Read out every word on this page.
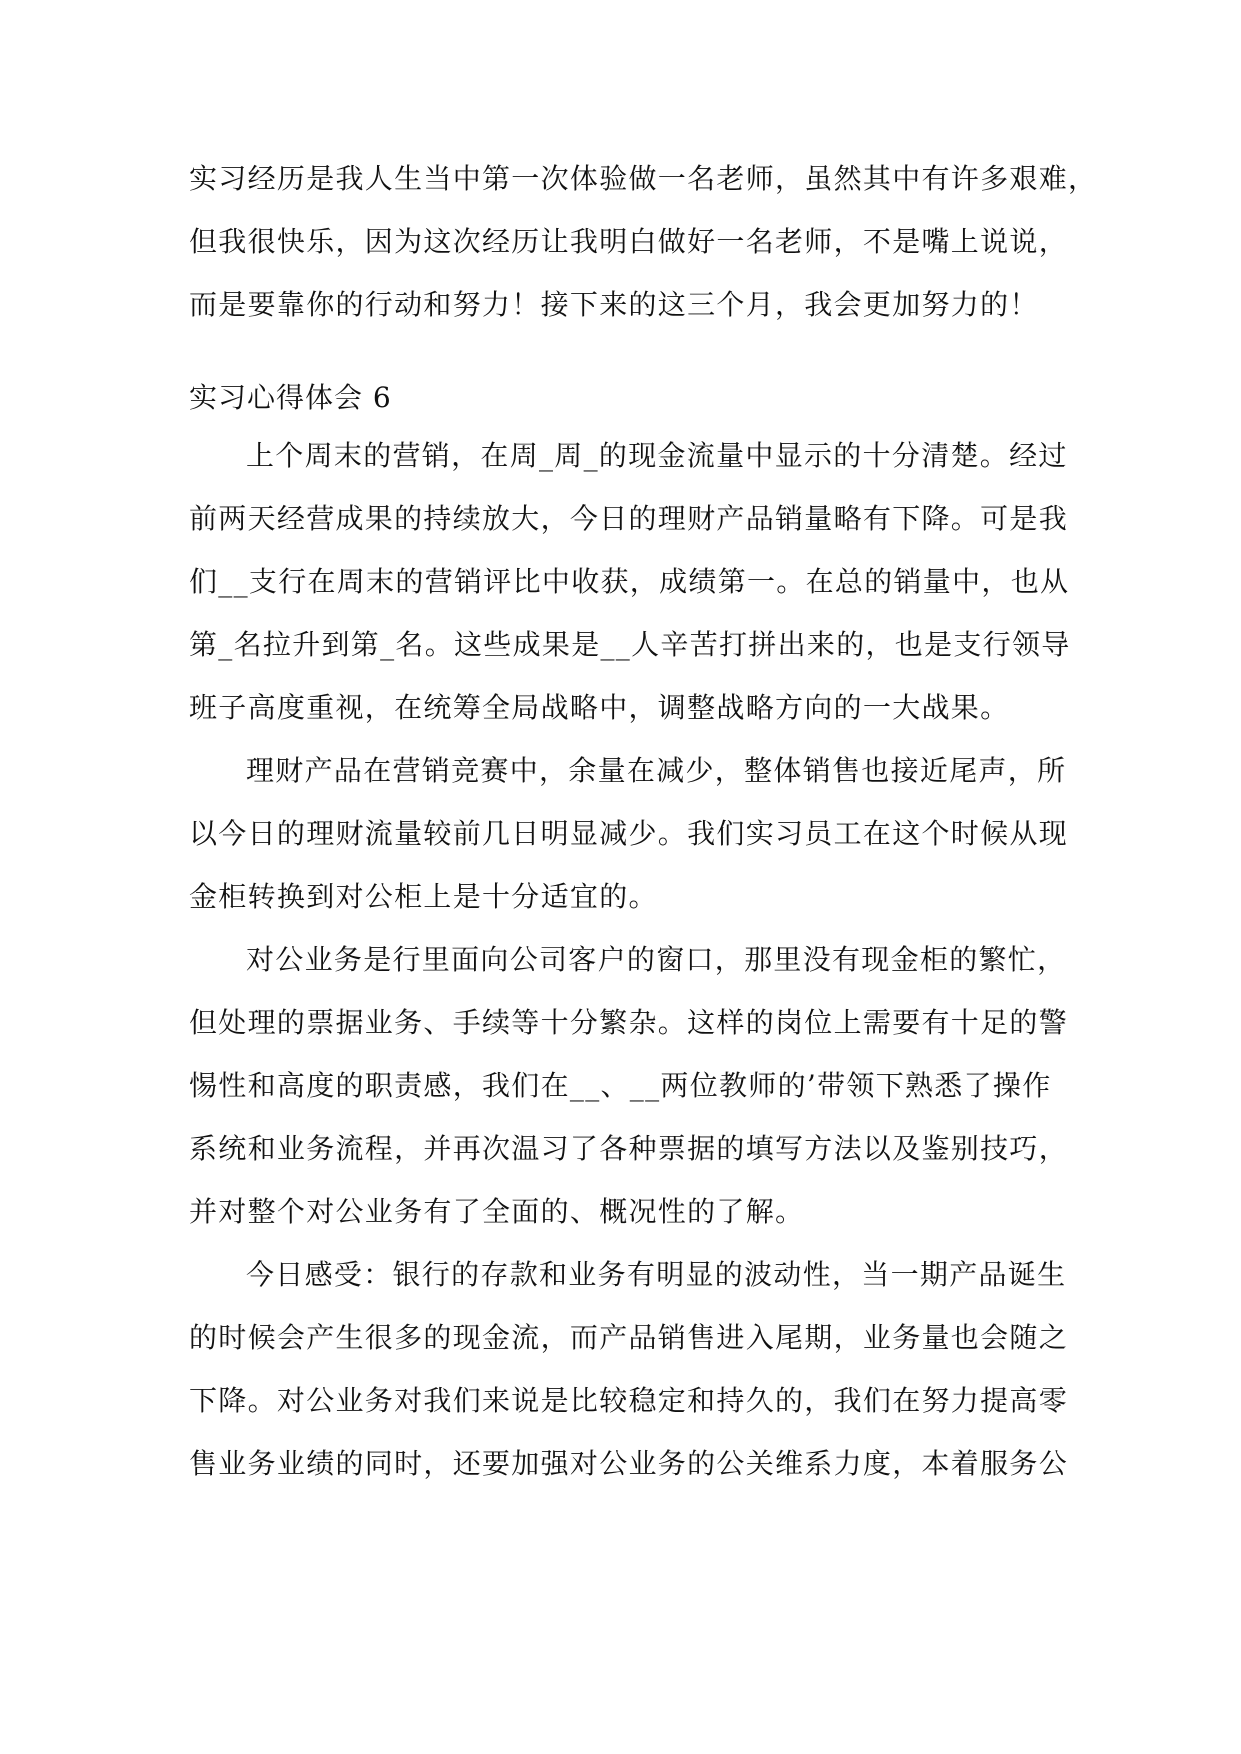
实习经历是我人生当中第一次体验做一名老师，虽然其中有许多艰难，
但我很快乐，因为这次经历让我明白做好一名老师，不是嘴上说说，
而是要靠你的行动和努力！接下来的这三个月，我会更加努力的！
实习心得体会 6
上个周末的营销，在周_周_的现金流量中显示的十分清楚。经过
前两天经营成果的持续放大，今日的理财产品销量略有下降。可是我
们__支行在周末的营销评比中收获，成绩第一。在总的销量中，也从
第_名拉升到第_名。这些成果是__人辛苦打拼出来的，也是支行领导
班子高度重视，在统筹全局战略中，调整战略方向的一大战果。
理财产品在营销竞赛中，余量在减少，整体销售也接近尾声，所
以今日的理财流量较前几日明显减少。我们实习员工在这个时候从现
金柜转换到对公柜上是十分适宜的。
对公业务是行里面向公司客户的窗口，那里没有现金柜的繁忙，
但处理的票据业务、手续等十分繁杂。这样的岗位上需要有十足的警
惕性和高度的职责感，我们在__、__两位教师的’带领下熟悉了操作
系统和业务流程，并再次温习了各种票据的填写方法以及鉴别技巧，
并对整个对公业务有了全面的、概况性的了解。
今日感受：银行的存款和业务有明显的波动性，当一期产品诞生
的时候会产生很多的现金流，而产品销售进入尾期，业务量也会随之
下降。对公业务对我们来说是比较稳定和持久的，我们在努力提高零
售业务业绩的同时，还要加强对公业务的公关维系力度，本着服务公
